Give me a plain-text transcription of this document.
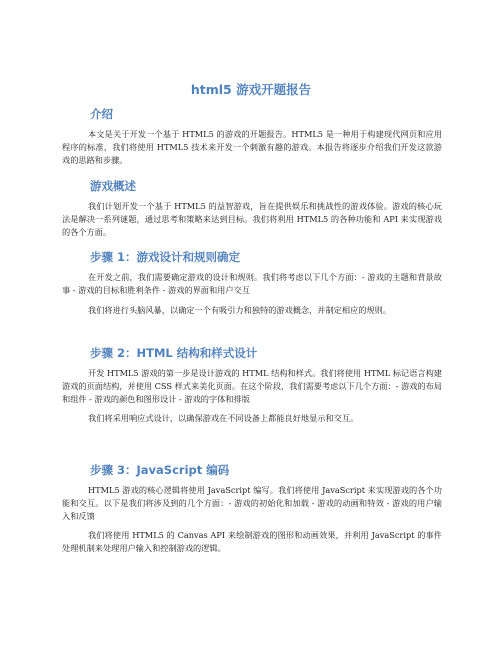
html5 游戏开题报告
介绍

本文是关于开发一个基于 HTML5 的游戏的开题报告。HTML5 是一种用于构建现代网页和应用程序的标准，我们将使用 HTML5 技术来开发一个刺激有趣的游戏。本报告将逐步介绍我们开发这款游戏的思路和步骤。

游戏概述

我们计划开发一个基于 HTML5 的益智游戏，旨在提供娱乐和挑战性的游戏体验。游戏的核心玩法是解决一系列谜题，通过思考和策略来达到目标。我们将利用 HTML5 的各种功能和 API 来实现游戏的各个方面。

步骤 1：游戏设计和规则确定

在开发之前，我们需要确定游戏的设计和规则。我们将考虑以下几个方面：- 游戏的主题和背景故事 - 游戏的目标和胜利条件 - 游戏的界面和用户交互

我们将进行头脑风暴，以确定一个有吸引力和独特的游戏概念，并制定相应的规则。

步骤 2：HTML 结构和样式设计

开发 HTML5 游戏的第一步是设计游戏的 HTML 结构和样式。我们将使用 HTML 标记语言构建游戏的页面结构，并使用 CSS 样式来美化页面。在这个阶段，我们需要考虑以下几个方面：- 游戏的布局和组件 - 游戏的颜色和图形设计 - 游戏的字体和排版

我们将采用响应式设计，以确保游戏在不同设备上都能良好地显示和交互。

步骤 3：JavaScript 编码

HTML5 游戏的核心逻辑将使用 JavaScript 编写。我们将使用 JavaScript 来实现游戏的各个功能和交互。以下是我们将涉及到的几个方面：- 游戏的初始化和加载 - 游戏的动画和特效 - 游戏的用户输入和反馈

我们将使用 HTML5 的 Canvas API 来绘制游戏的图形和动画效果，并利用 JavaScript 的事件处理机制来处理用户输入和控制游戏的逻辑。
